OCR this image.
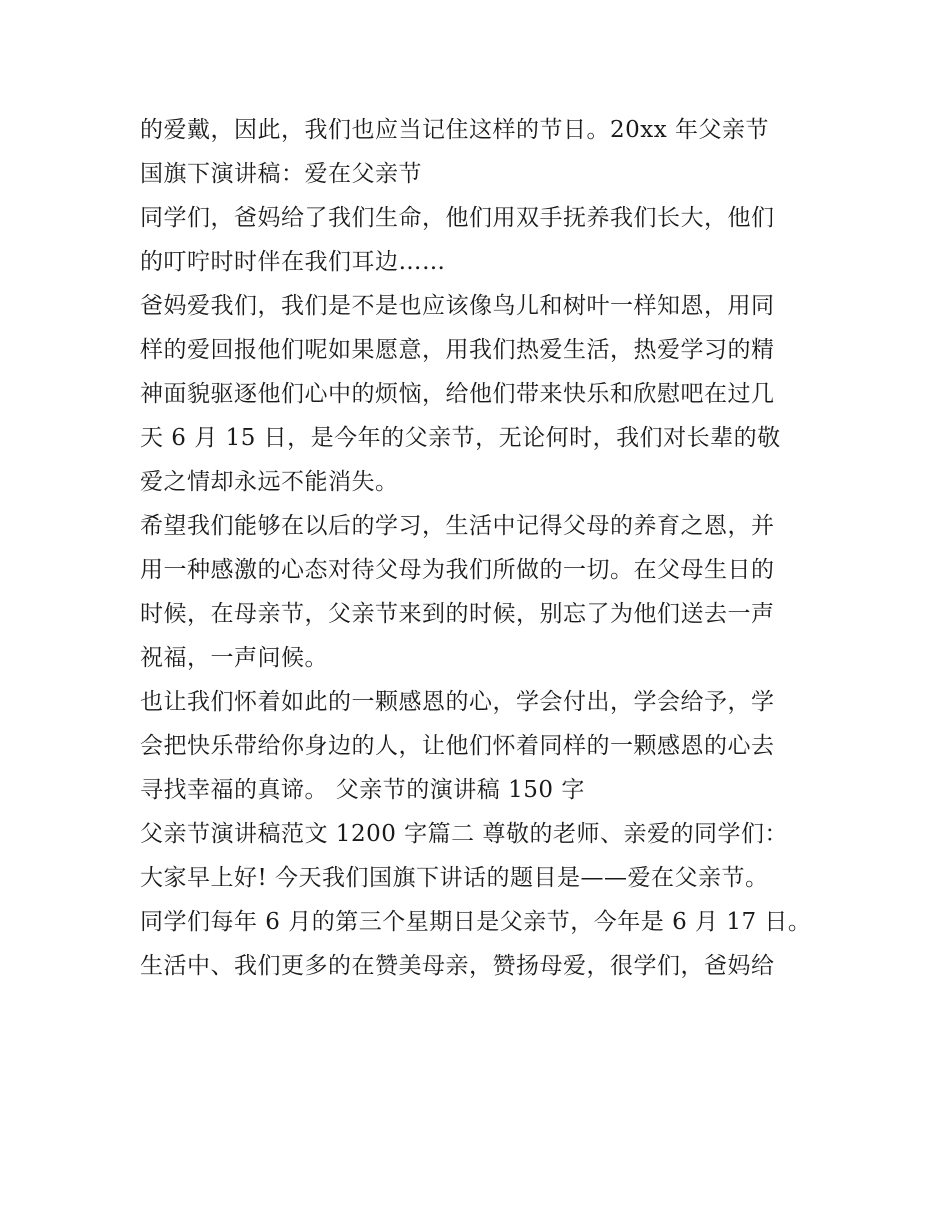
的爱戴，因此，我们也应当记住这样的节日。20xx 年父亲节
国旗下演讲稿：爱在父亲节
同学们，爸妈给了我们生命，他们用双手抚养我们长大，他们
的叮咛时时伴在我们耳边……
爸妈爱我们，我们是不是也应该像鸟儿和树叶一样知恩，用同
样的爱回报他们呢如果愿意，用我们热爱生活，热爱学习的精
神面貌驱逐他们心中的烦恼，给他们带来快乐和欣慰吧在过几
天 6 月 15 日，是今年的父亲节，无论何时，我们对长辈的敬
爱之情却永远不能消失。
希望我们能够在以后的学习，生活中记得父母的养育之恩，并
用一种感激的心态对待父母为我们所做的一切。在父母生日的
时候，在母亲节，父亲节来到的时候，别忘了为他们送去一声
祝福，一声问候。
也让我们怀着如此的一颗感恩的心，学会付出，学会给予，学
会把快乐带给你身边的人，让他们怀着同样的一颗感恩的心去
寻找幸福的真谛。 父亲节的演讲稿 150 字
父亲节演讲稿范文 1200 字篇二 尊敬的老师、亲爱的同学们：
大家早上好! 今天我们国旗下讲话的题目是——爱在父亲节。
同学们每年 6 月的第三个星期日是父亲节，今年是 6 月 17 日。
生活中、我们更多的在赞美母亲，赞扬母爱，很学们，爸妈给
